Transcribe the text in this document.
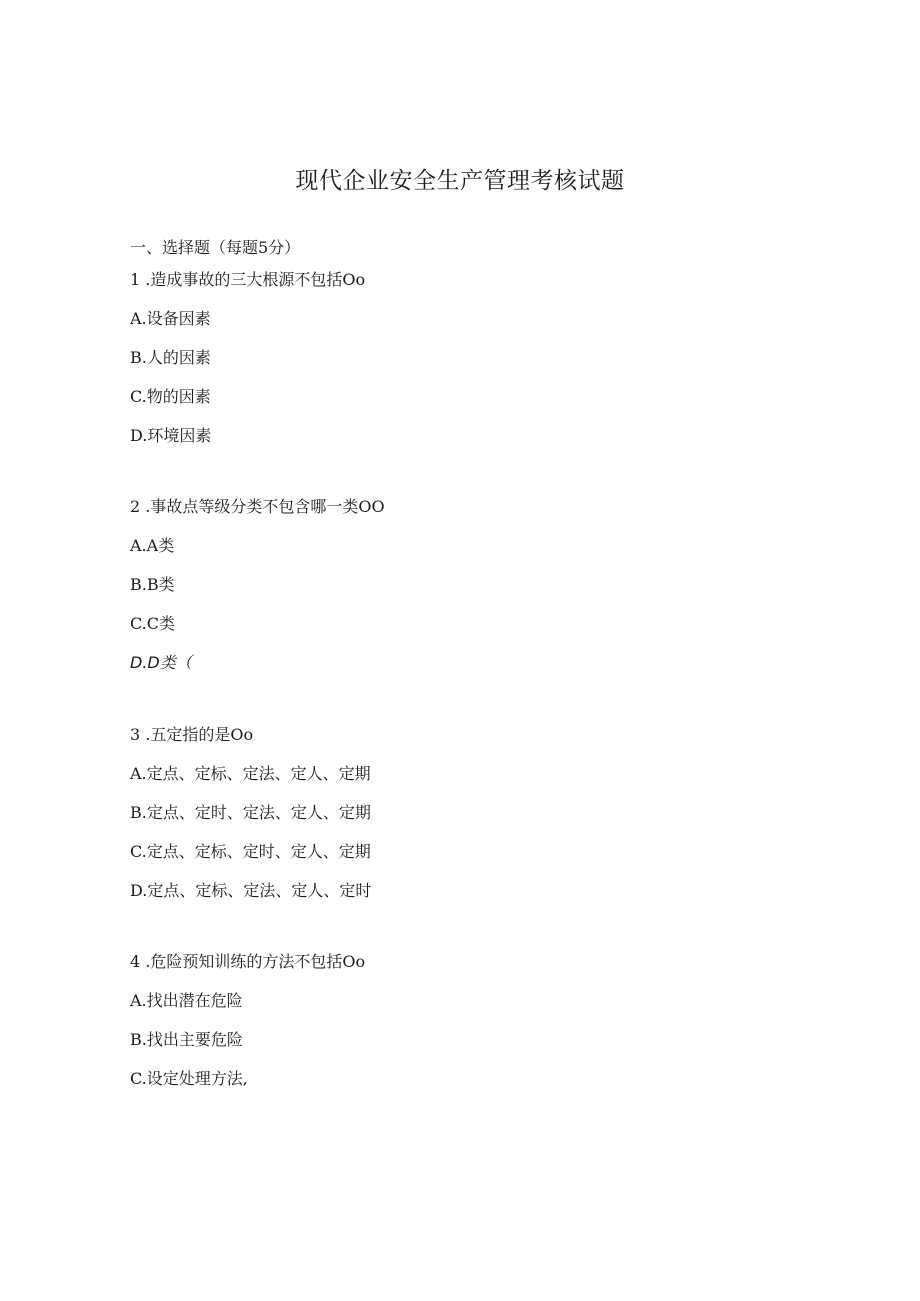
现代企业安全生产管理考核试题
一、选择题（每题5分）
1 .造成事故的三大根源不包括Oo
A.设备因素
B.人的因素
C.物的因素
D.环境因素
2 .事故点等级分类不包含哪一类OO
A.A类
B.B类
C.C类
D.D类（
3 .五定指的是Oo
A.定点、定标、定法、定人、定期
B.定点、定时、定法、定人、定期
C.定点、定标、定时、定人、定期
D.定点、定标、定法、定人、定时
4 .危险预知训练的方法不包括Oo
A.找出潜在危险
B.找出主要危险
C.设定处理方法,
